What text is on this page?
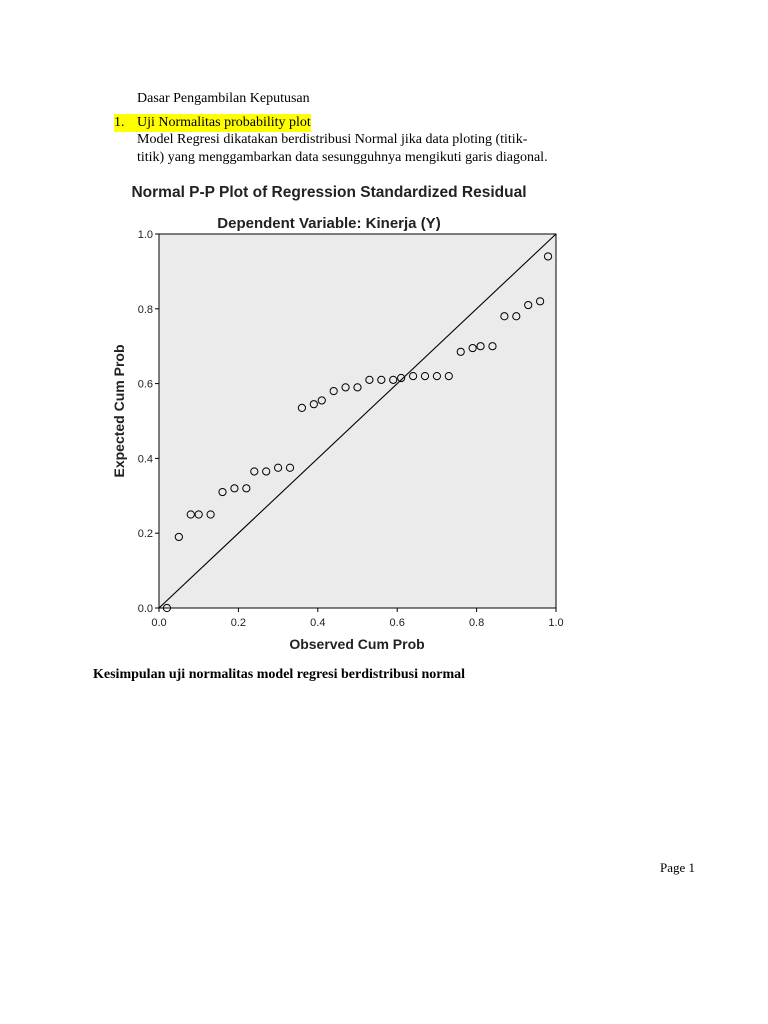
Dasar Pengambilan Keputusan
1. Uji Normalitas probability plot
Model Regresi dikatakan berdistribusi Normal jika data ploting (titik-
titik) yang menggambarkan data sesungguhnya mengikuti garis diagonal.
Normal P-P Plot of Regression Standardized Residual
Dependent Variable: Kinerja (Y)
0.0	0.2	0.4	0.6	0.8	1.0
0.0
0.2
0.4
0.6
0.8
1.0
Observed Cum Prob
Expected Cum Prob
Kesimpulan uji normalitas model regresi berdistribusi normal
Page 1
